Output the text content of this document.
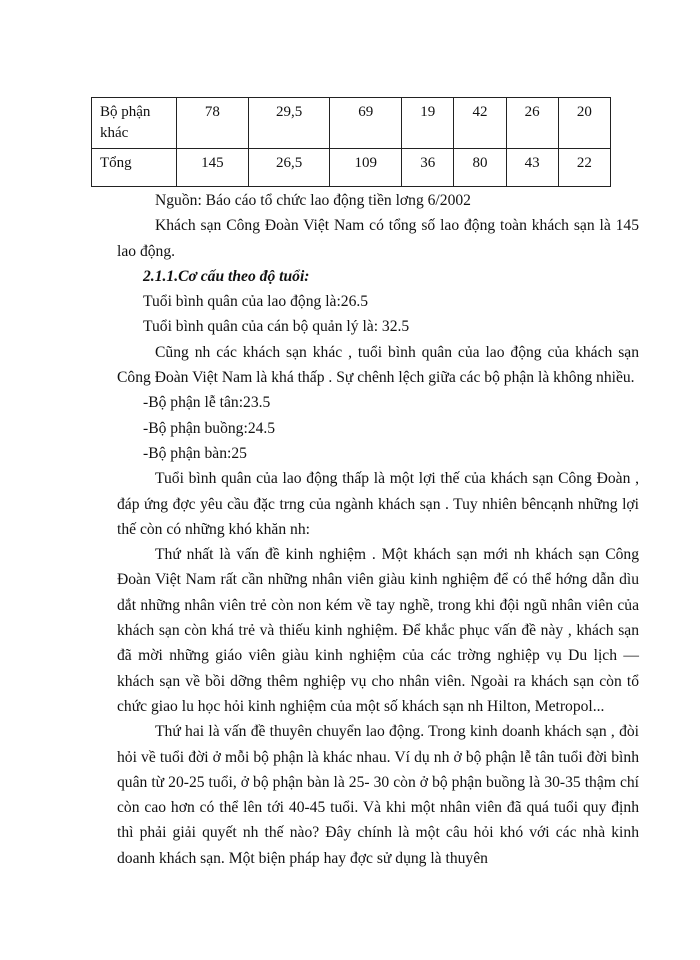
Bộ phận khác	78	29,5	69	19	42	26	20
Tổng	145	26,5	109	36	80	43	22

Nguồn: Báo cáo tổ chức lao động tiền lơng 6/2002

Khách sạn Công Đoàn Việt Nam có tổng số lao động toàn khách sạn là 145 lao động.

2.1.1.Cơ cấu theo độ tuổi:

Tuổi bình quân của lao động là:26.5

Tuổi bình quân của cán bộ quản lý là: 32.5

Cũng nh các khách sạn khác , tuổi bình quân của lao động của khách sạn Công Đoàn Việt Nam là khá thấp . Sự chênh lệch giữa các bộ phận là không nhiều.

-Bộ phận lễ tân:23.5

-Bộ phận buồng:24.5

-Bộ phận bàn:25

Tuổi bình quân của lao động thấp là một lợi thế của khách sạn Công Đoàn , đáp ứng đợc yêu cầu đặc trng của ngành khách sạn . Tuy nhiên bêncạnh những lợi thế còn có những khó khăn nh:

Thứ nhất là vấn đề kinh nghiệm . Một khách sạn mới nh khách sạn Công Đoàn Việt Nam rất cần những nhân viên giàu kinh nghiệm để có thể hớng dẫn dìu dắt những nhân viên trẻ còn non kém về tay nghề, trong khi đội ngũ nhân viên của khách sạn còn khá trẻ và thiếu kinh nghiệm. Để khắc phục vấn đề này , khách sạn đã mời những giáo viên giàu kinh nghiệm của các trờng nghiệp vụ Du lịch — khách sạn về bồi dỡng thêm nghiệp vụ cho nhân viên. Ngoài ra khách sạn còn tổ chức giao lu học hỏi kinh nghiệm của một số khách sạn nh Hilton, Metropol...

Thứ hai là vấn đề thuyên chuyển lao động. Trong kinh doanh khách sạn , đòi hỏi về tuổi đời ở mỗi bộ phận là khác nhau. Ví dụ nh ở bộ phận lễ tân tuổi đời bình quân từ 20-25 tuổi, ở bộ phận bàn là 25- 30 còn ở bộ phận buồng là 30-35 thậm chí còn cao hơn có thể lên tới 40-45 tuổi. Và khi một nhân viên đã quá tuổi quy định thì phải giải quyết nh thế nào? Đây chính là một câu hỏi khó với các nhà kinh doanh khách sạn. Một biện pháp hay đợc sử dụng là thuyên
